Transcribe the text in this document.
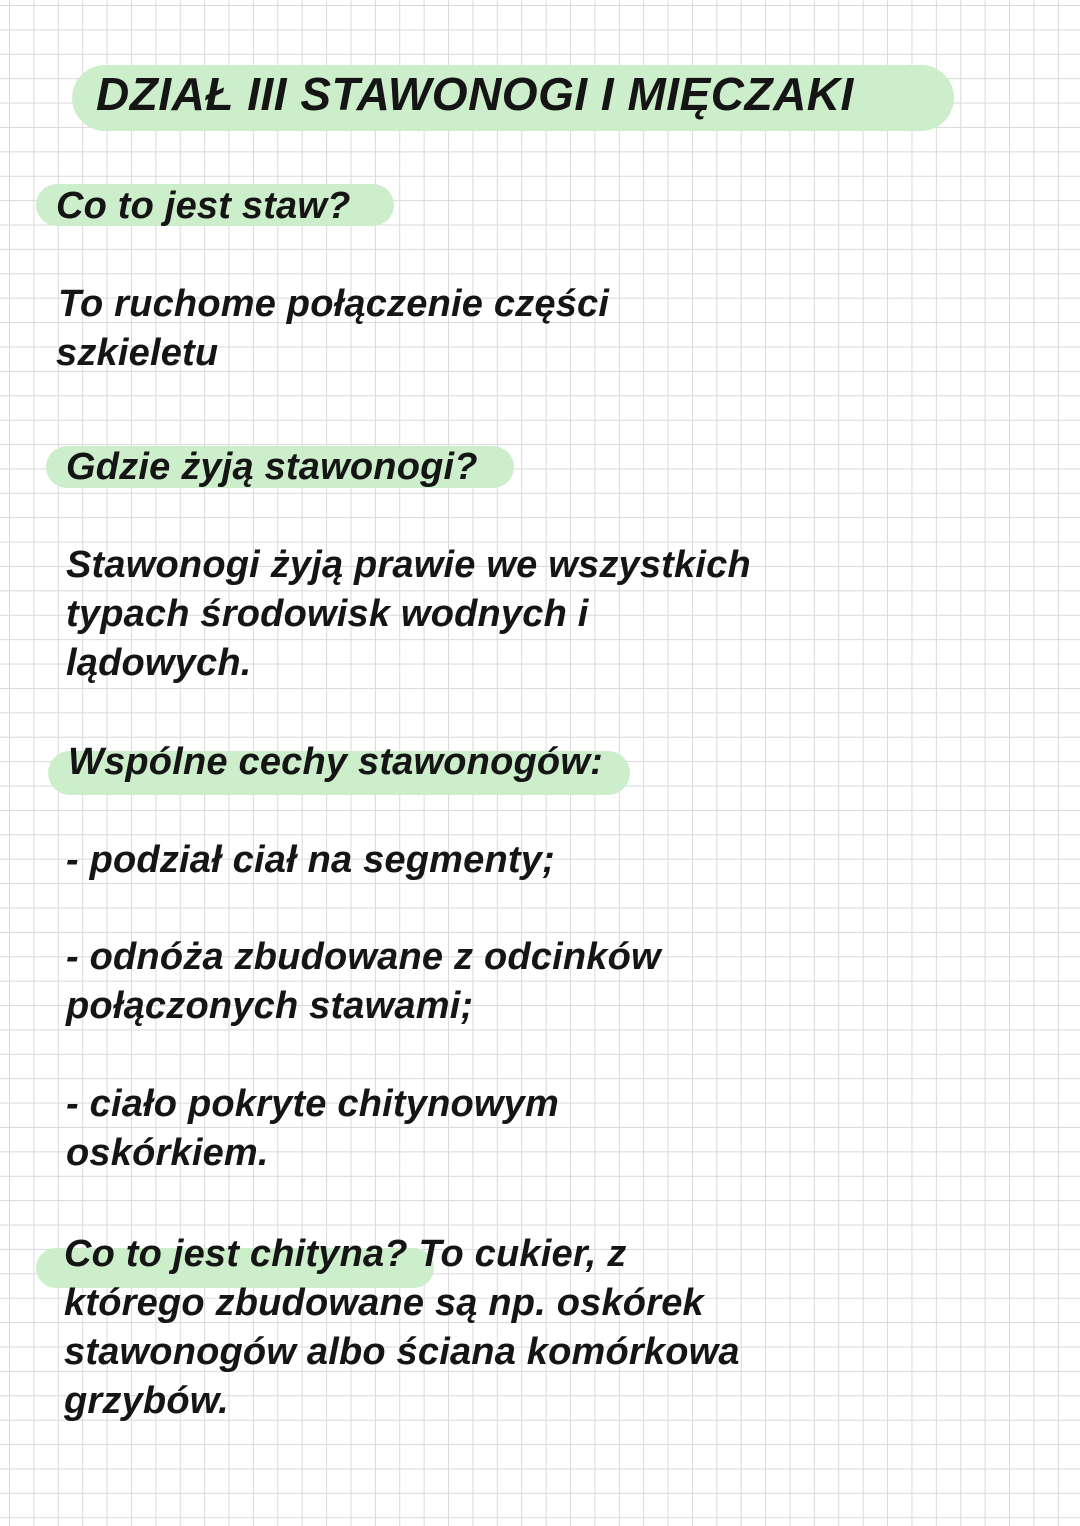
DZIAŁ III STAWONOGI I MIĘCZAKI

Co to jest staw?

To ruchome połączenie części

szkieletu

Gdzie żyją stawonogi?

Stawonogi żyją prawie we wszystkich

typach środowisk wodnych i

lądowych.

Wspólne cechy stawonogów:

- podział ciał na segmenty;

- odnóża zbudowane z odcinków

połączonych stawami;

- ciało pokryte chitynowym

oskórkiem.

Co to jest chityna? To cukier, z

którego zbudowane są np. oskórek

stawonogów albo ściana komórkowa

grzybów.
